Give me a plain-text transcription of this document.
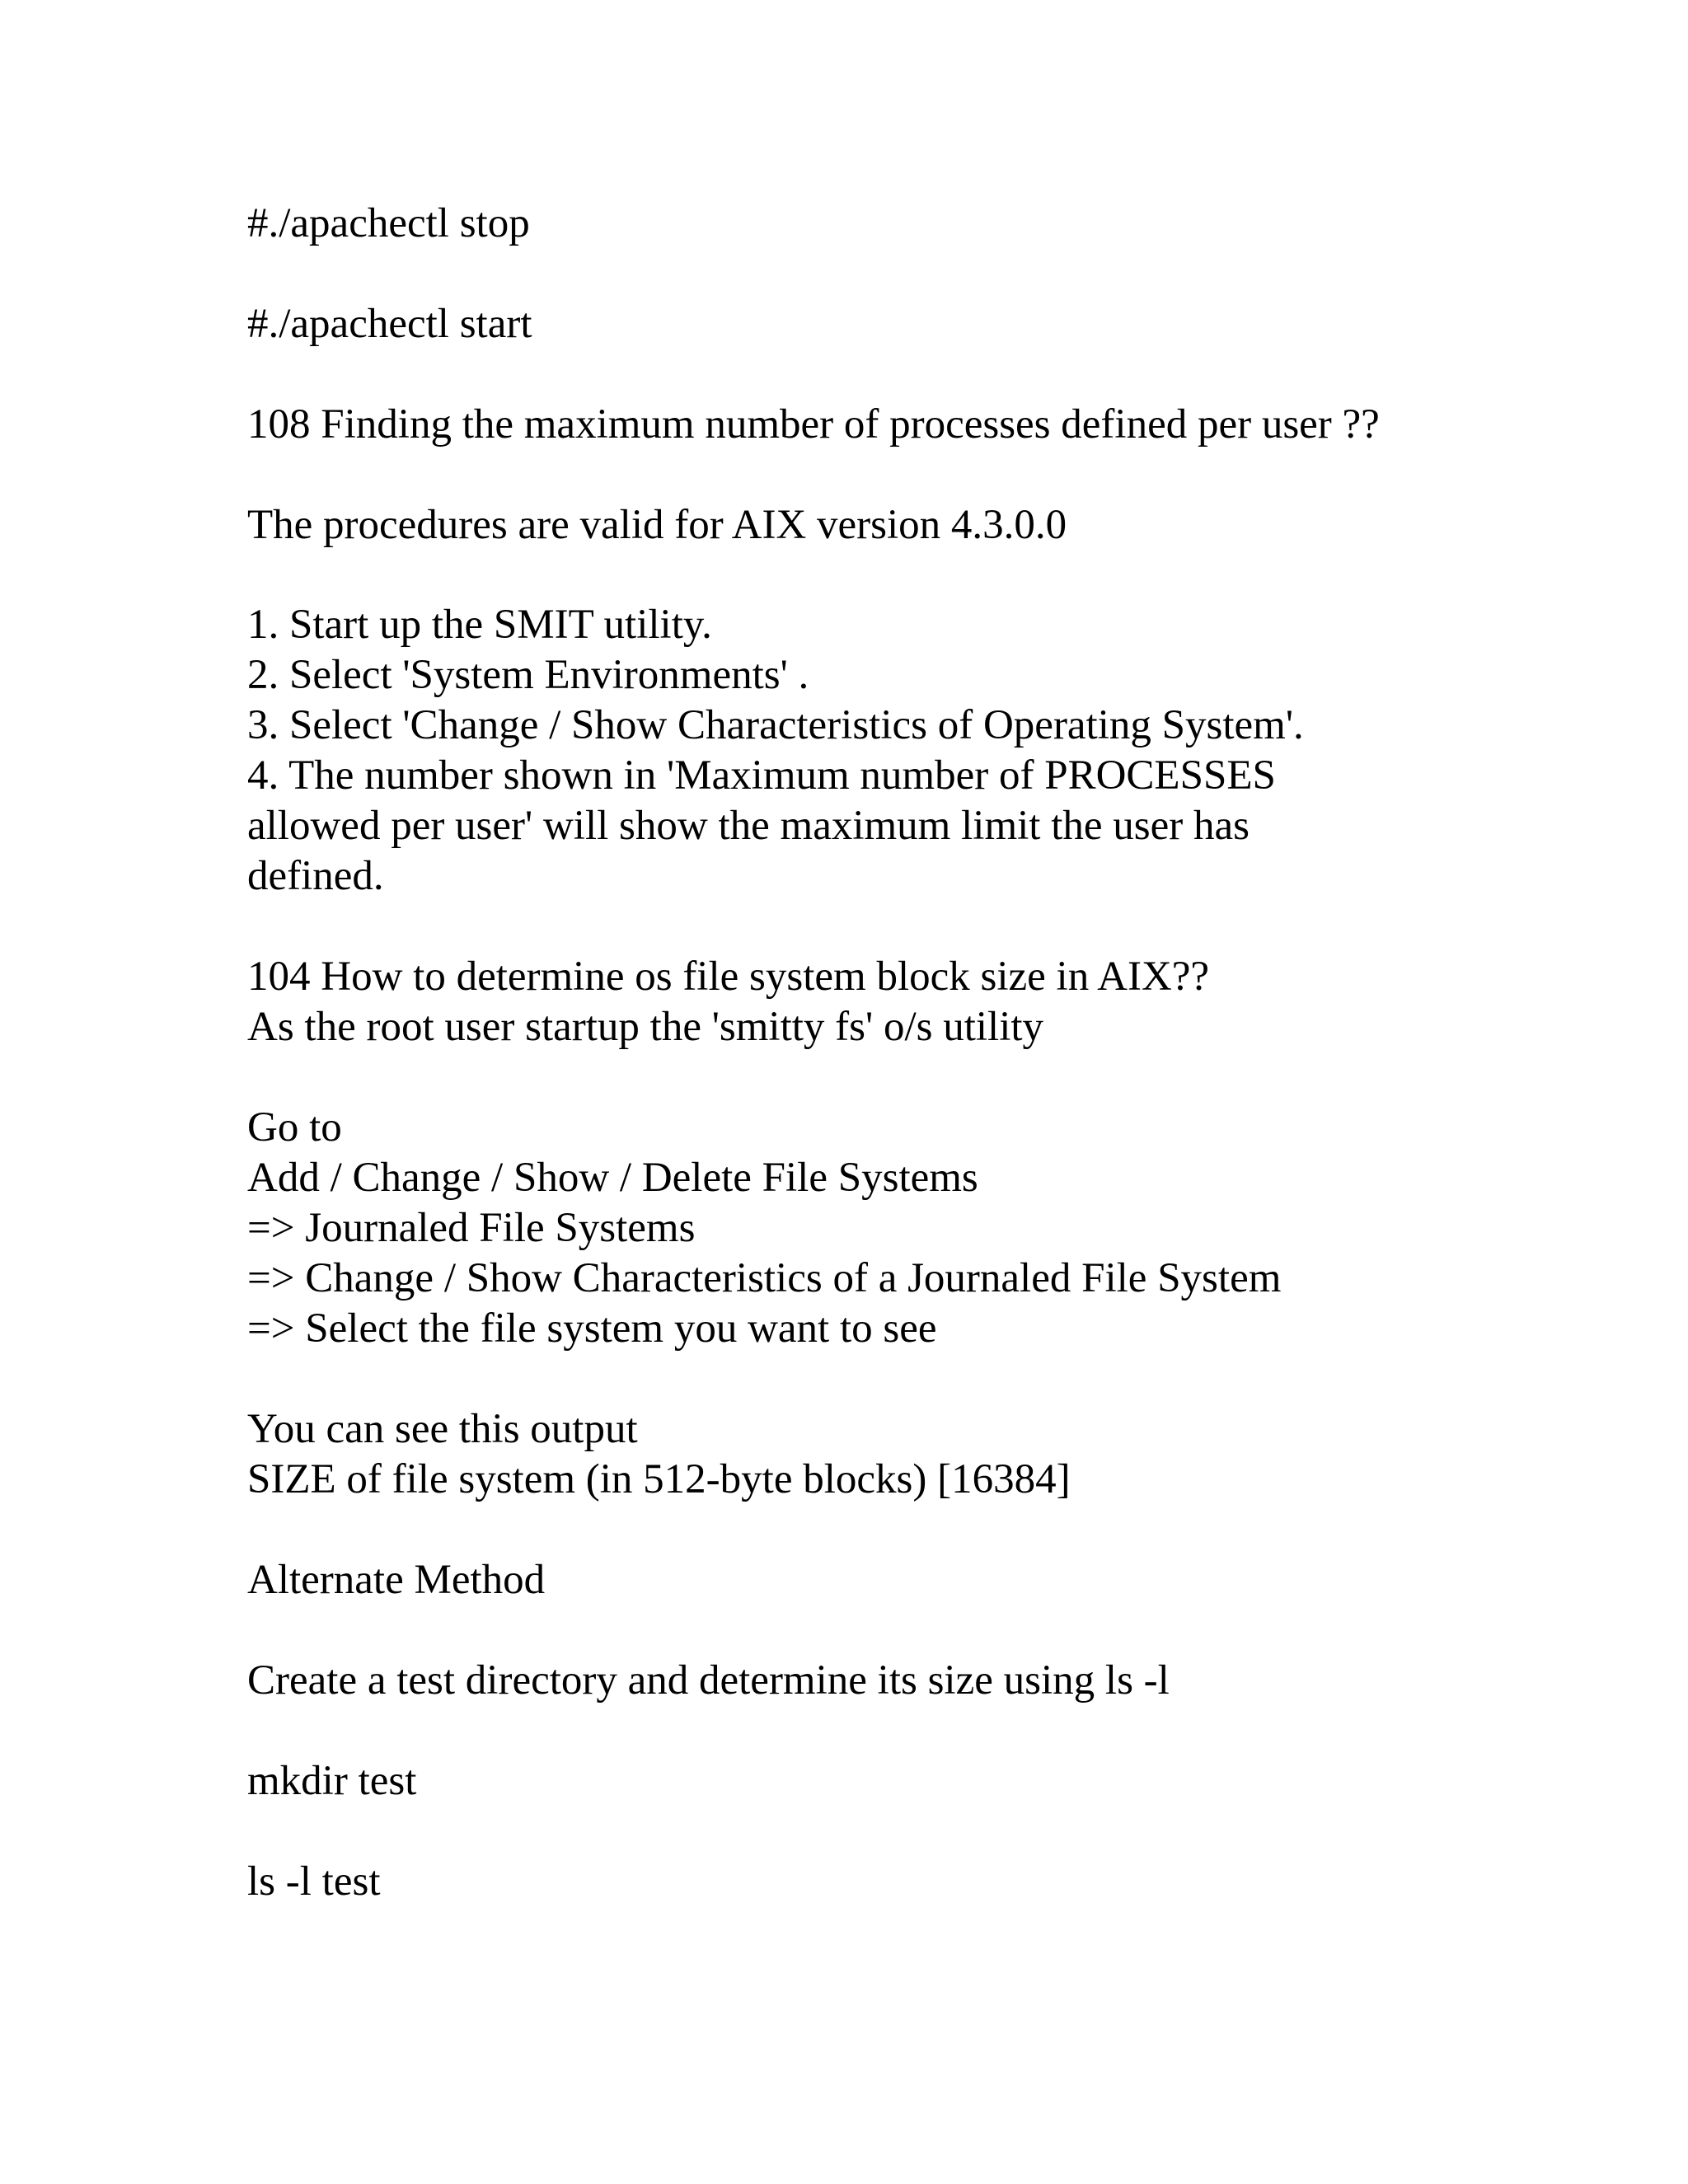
#./apachectl stop
#./apachectl start
108 Finding the maximum number of processes defined per user ??
The procedures are valid for AIX version 4.3.0.0
1. Start up the SMIT utility.
2. Select 'System Environments' .
3. Select 'Change / Show Characteristics of Operating System'.
4. The number shown in 'Maximum number of PROCESSES
allowed per user' will show the maximum limit the user has
defined.
104 How to determine os file system block size in AIX??
As the root user startup the 'smitty fs' o/s utility
Go to
Add / Change / Show / Delete File Systems
=> Journaled File Systems
=> Change / Show Characteristics of a Journaled File System
=> Select the file system you want to see
You can see this output
SIZE of file system (in 512-byte blocks) [16384]
Alternate Method
Create a test directory and determine its size using ls -l
mkdir test
ls -l test
